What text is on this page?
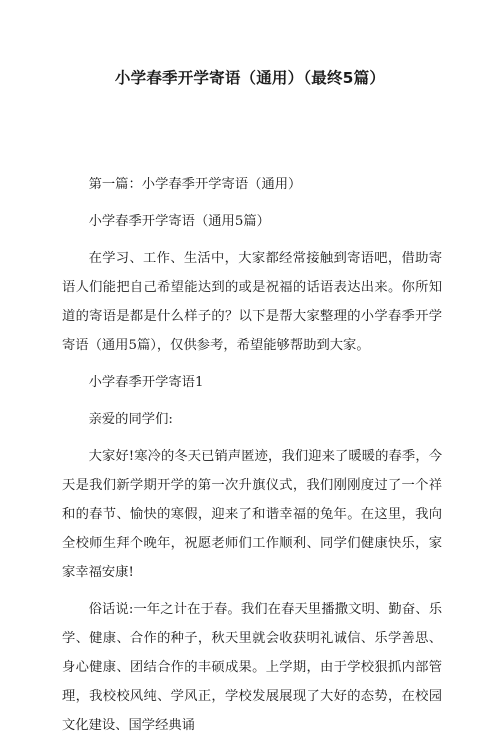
小学春季开学寄语（通用）（最终5篇）

第一篇：小学春季开学寄语（通用）

小学春季开学寄语（通用5篇）

在学习、工作、生活中，大家都经常接触到寄语吧，借助寄语人们能把自己希望能达到的或是祝福的话语表达出来。你所知道的寄语是都是什么样子的？以下是帮大家整理的小学春季开学寄语（通用5篇），仅供参考，希望能够帮助到大家。

小学春季开学寄语1

亲爱的同学们:

大家好!寒冷的冬天已销声匿迹，我们迎来了暖暖的春季，今天是我们新学期开学的第一次升旗仪式，我们刚刚度过了一个祥和的春节、愉快的寒假，迎来了和谐幸福的兔年。在这里，我向全校师生拜个晚年，祝愿老师们工作顺利、同学们健康快乐，家家幸福安康!

俗话说:一年之计在于春。我们在春天里播撒文明、勤奋、乐学、健康、合作的种子，秋天里就会收获明礼诚信、乐学善思、身心健康、团结合作的丰硕成果。上学期，由于学校狠抓内部管理，我校校风纯、学风正，学校发展展现了大好的态势，在校园文化建设、国学经典诵
